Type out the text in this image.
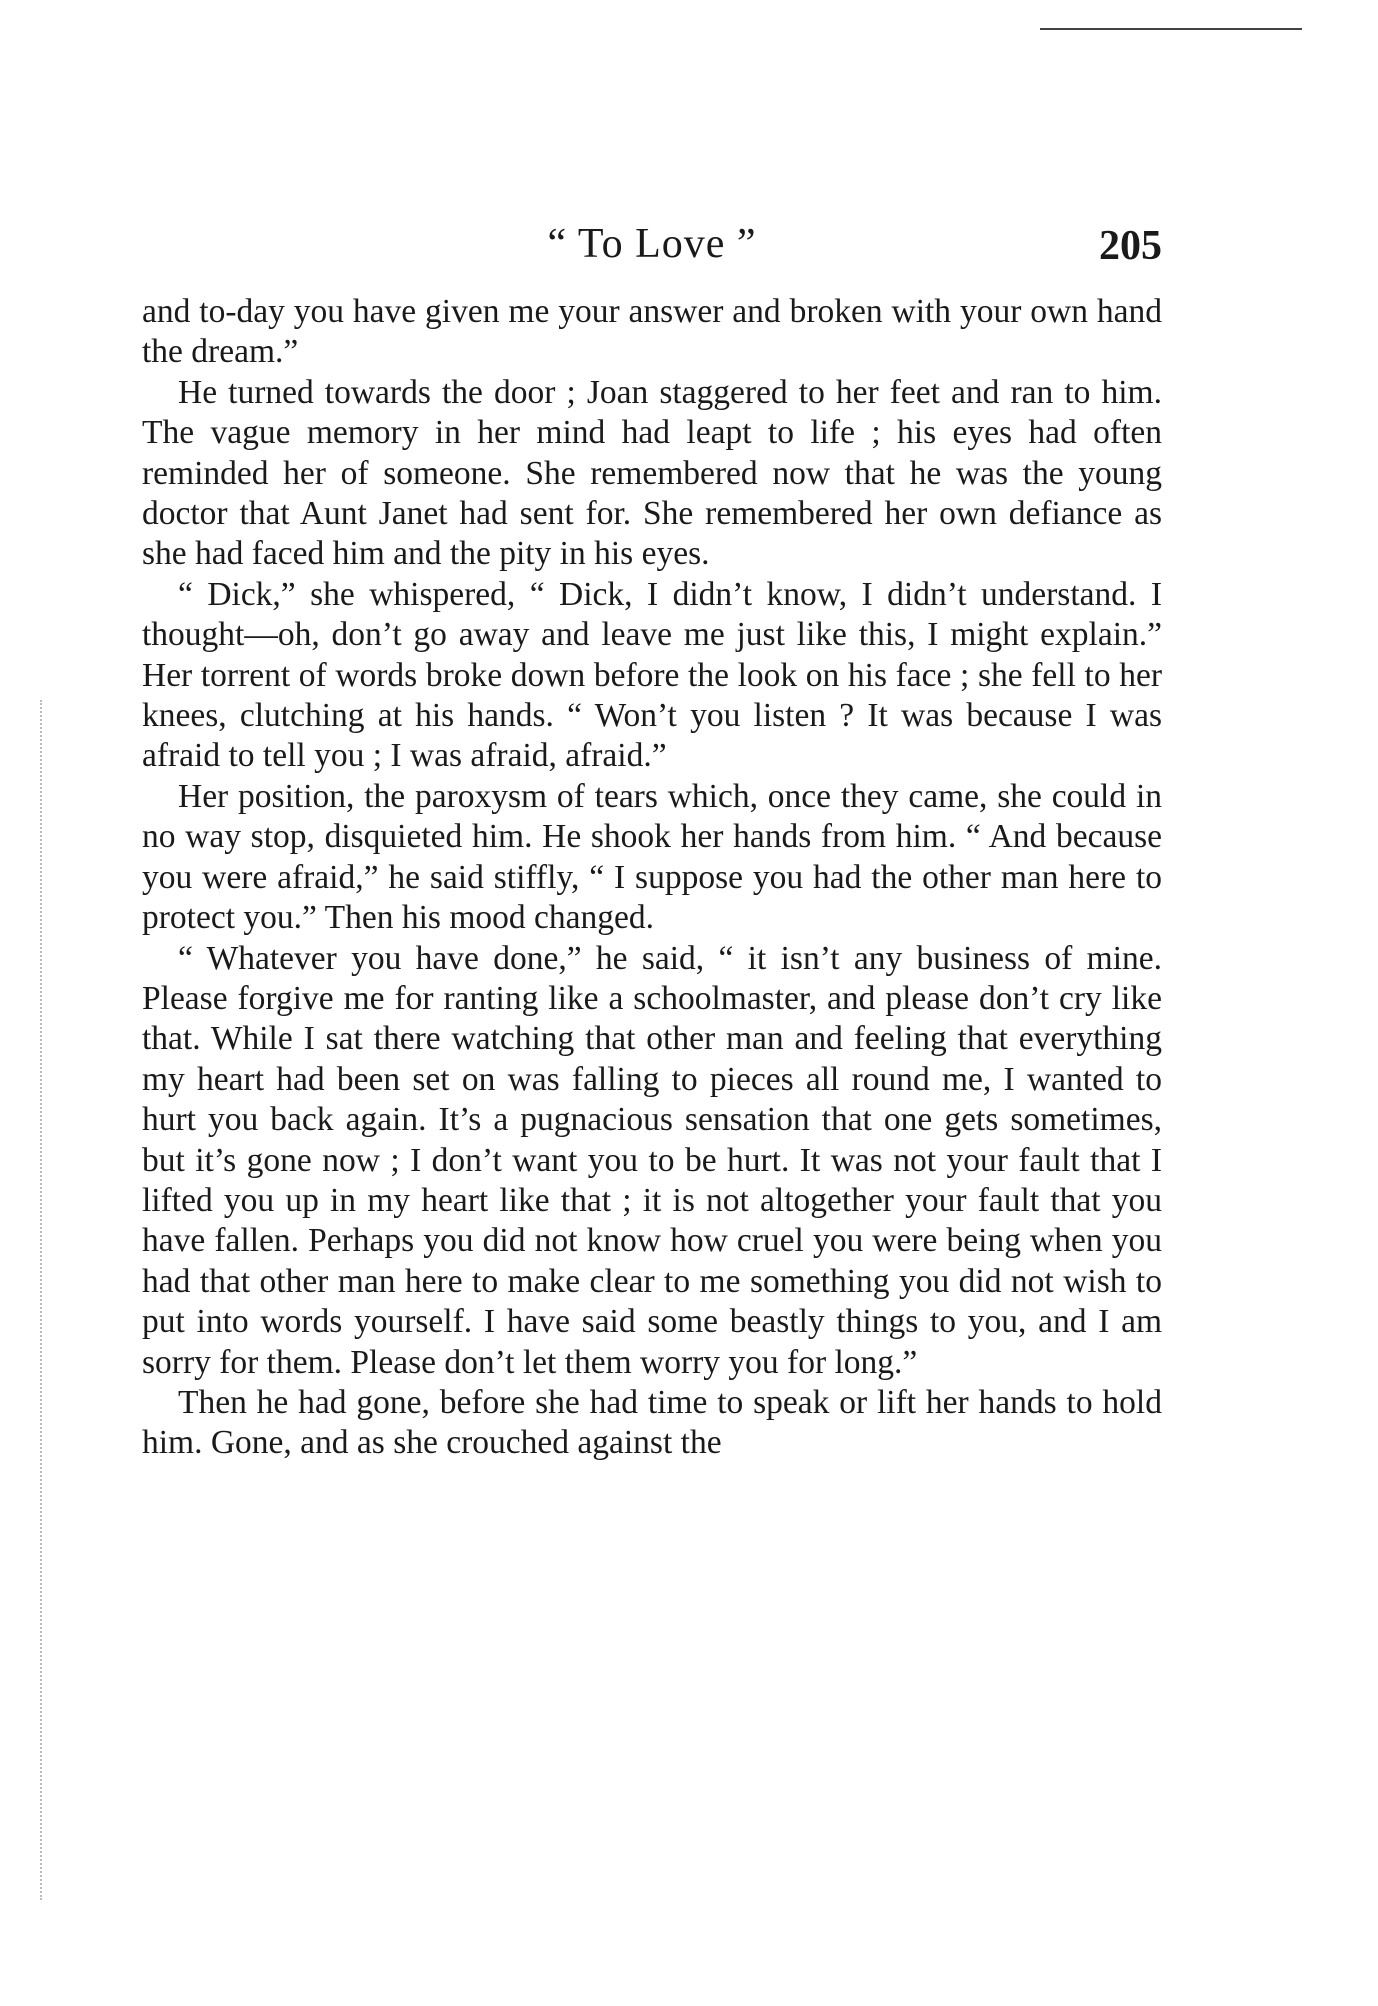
“ To Love ”	205

and to-day you have given me your answer and broken with your own hand the dream.”

He turned towards the door ; Joan staggered to her feet and ran to him. The vague memory in her mind had leapt to life ; his eyes had often reminded her of someone. She remembered now that he was the young doctor that Aunt Janet had sent for. She remembered her own defiance as she had faced him and the pity in his eyes.

“ Dick,” she whispered, “ Dick, I didn’t know, I didn’t understand. I thought—oh, don’t go away and leave me just like this, I might explain.” Her torrent of words broke down before the look on his face ; she fell to her knees, clutching at his hands. “ Won’t you listen ? It was because I was afraid to tell you ; I was afraid, afraid.”

Her position, the paroxysm of tears which, once they came, she could in no way stop, disquieted him. He shook her hands from him. “ And because you were afraid,” he said stiffly, “ I suppose you had the other man here to protect you.” Then his mood changed.

“ Whatever you have done,” he said, “ it isn’t any business of mine. Please forgive me for ranting like a schoolmaster, and please don’t cry like that. While I sat there watching that other man and feeling that everything my heart had been set on was falling to pieces all round me, I wanted to hurt you back again. It’s a pugnacious sensation that one gets sometimes, but it’s gone now ; I don’t want you to be hurt. It was not your fault that I lifted you up in my heart like that ; it is not altogether your fault that you have fallen. Perhaps you did not know how cruel you were being when you had that other man here to make clear to me something you did not wish to put into words yourself. I have said some beastly things to you, and I am sorry for them. Please don’t let them worry you for long.”

Then he had gone, before she had time to speak or lift her hands to hold him. Gone, and as she crouched against the
